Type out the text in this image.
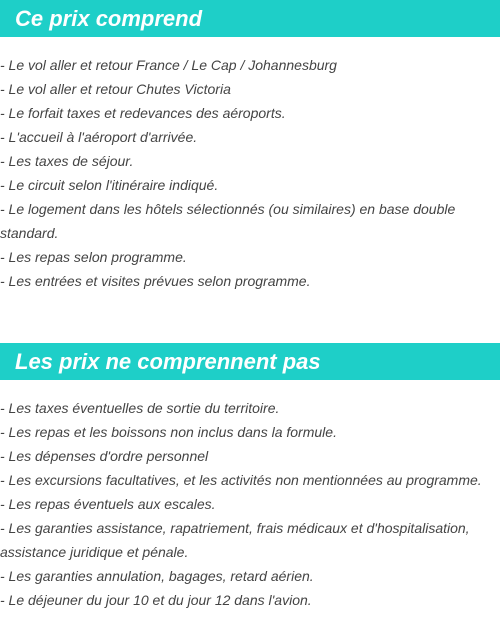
Ce prix comprend
- Le vol aller et retour France / Le Cap / Johannesburg
- Le vol aller et retour Chutes Victoria
- Le forfait taxes et redevances des aéroports.
- L'accueil à l'aéroport d'arrivée.
- Les taxes de séjour.
- Le circuit selon l'itinéraire indiqué.
- Le logement dans les hôtels sélectionnés (ou similaires) en base double standard.
- Les repas selon programme.
- Les entrées et visites prévues selon programme.
Les prix ne comprennent pas
- Les taxes éventuelles de sortie du territoire.
- Les repas et les boissons non inclus dans la formule.
- Les dépenses d'ordre personnel
- Les excursions facultatives, et les activités non mentionnées au programme.
- Les repas éventuels aux escales.
- Les garanties assistance, rapatriement, frais médicaux et d'hospitalisation, assistance juridique et pénale.
- Les garanties annulation, bagages, retard aérien.
- Le déjeuner du jour 10 et du jour 12 dans l'avion.
